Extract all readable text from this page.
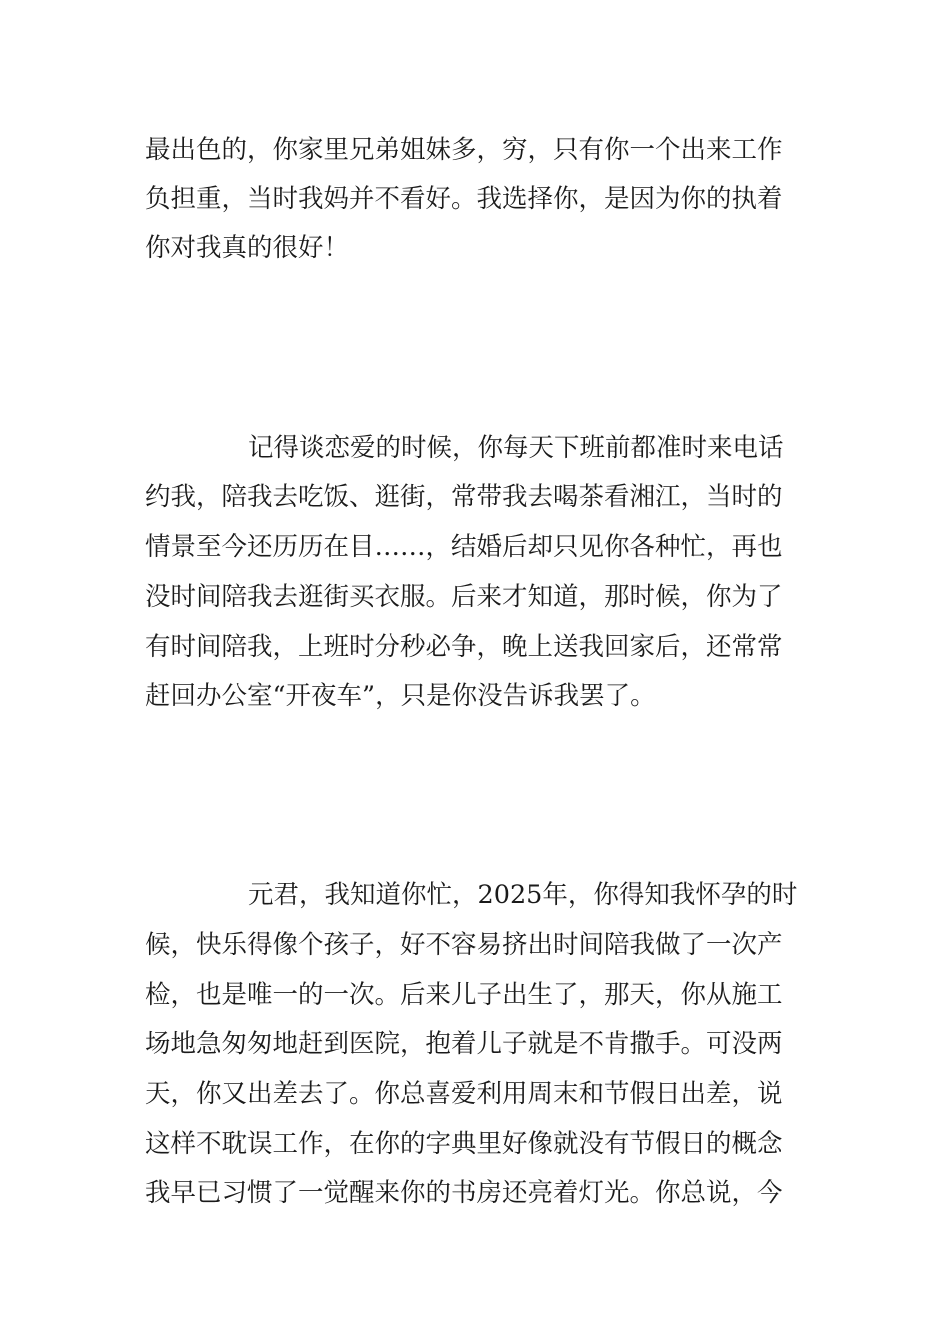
最出色的，你家里兄弟姐妹多，穷，只有你一个出来工作

负担重，当时我妈并不看好。我选择你，是因为你的执着

你对我真的很好！

记得谈恋爱的时候，你每天下班前都准时来电话

约我，陪我去吃饭、逛街，常带我去喝茶看湘江，当时的

情景至今还历历在目……，结婚后却只见你各种忙，再也

没时间陪我去逛街买衣服。后来才知道，那时候，你为了

有时间陪我，上班时分秒必争，晚上送我回家后，还常常

赶回办公室“开夜车”，只是你没告诉我罢了。

元君，我知道你忙，2025年，你得知我怀孕的时

候，快乐得像个孩子，好不容易挤出时间陪我做了一次产

检，也是唯一的一次。后来儿子出生了，那天，你从施工

场地急匆匆地赶到医院，抱着儿子就是不肯撒手。可没两

天，你又出差去了。你总喜爱利用周末和节假日出差，说

这样不耽误工作，在你的字典里好像就没有节假日的概念

我早已习惯了一觉醒来你的书房还亮着灯光。你总说，今
